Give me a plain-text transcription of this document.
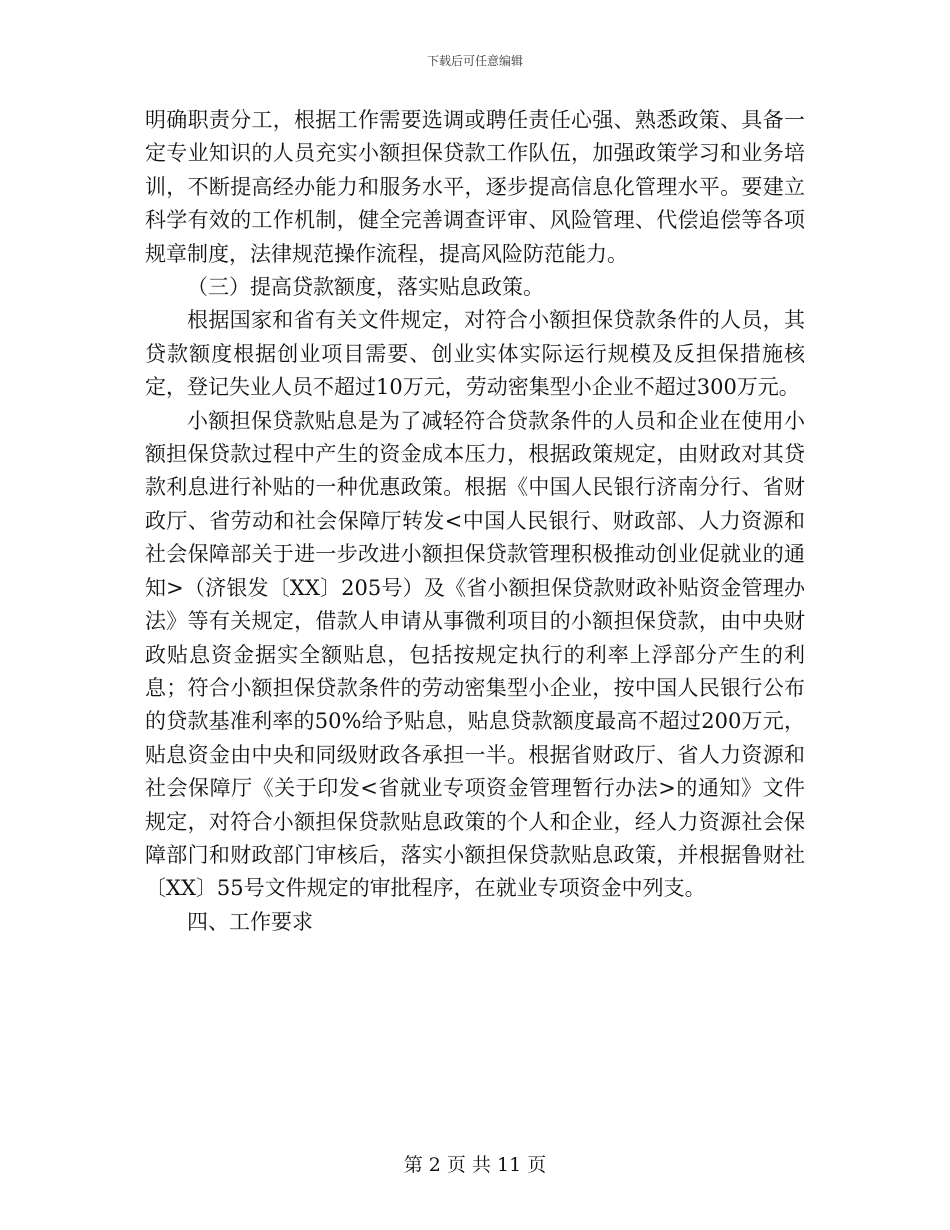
下载后可任意编辑

明确职责分工，根据工作需要选调或聘任责任心强、熟悉政策、具备一定专业知识的人员充实小额担保贷款工作队伍，加强政策学习和业务培训，不断提高经办能力和服务水平，逐步提高信息化管理水平。要建立科学有效的工作机制，健全完善调查评审、风险管理、代偿追偿等各项规章制度，法律规范操作流程，提高风险防范能力。

（三）提高贷款额度，落实贴息政策。

根据国家和省有关文件规定，对符合小额担保贷款条件的人员，其贷款额度根据创业项目需要、创业实体实际运行规模及反担保措施核定，登记失业人员不超过10万元，劳动密集型小企业不超过300万元。

小额担保贷款贴息是为了减轻符合贷款条件的人员和企业在使用小额担保贷款过程中产生的资金成本压力，根据政策规定，由财政对其贷款利息进行补贴的一种优惠政策。根据《中国人民银行济南分行、省财政厅、省劳动和社会保障厅转发<中国人民银行、财政部、人力资源和社会保障部关于进一步改进小额担保贷款管理积极推动创业促就业的通知>（济银发〔XX〕205号）及《省小额担保贷款财政补贴资金管理办法》等有关规定，借款人申请从事微利项目的小额担保贷款，由中央财政贴息资金据实全额贴息，包括按规定执行的利率上浮部分产生的利息；符合小额担保贷款条件的劳动密集型小企业，按中国人民银行公布的贷款基准利率的50%给予贴息，贴息贷款额度最高不超过200万元，贴息资金由中央和同级财政各承担一半。根据省财政厅、省人力资源和社会保障厅《关于印发<省就业专项资金管理暂行办法>的通知》文件规定，对符合小额担保贷款贴息政策的个人和企业，经人力资源社会保障部门和财政部门审核后，落实小额担保贷款贴息政策，并根据鲁财社〔XX〕55号文件规定的审批程序，在就业专项资金中列支。

四、工作要求

第 2 页 共 11 页
